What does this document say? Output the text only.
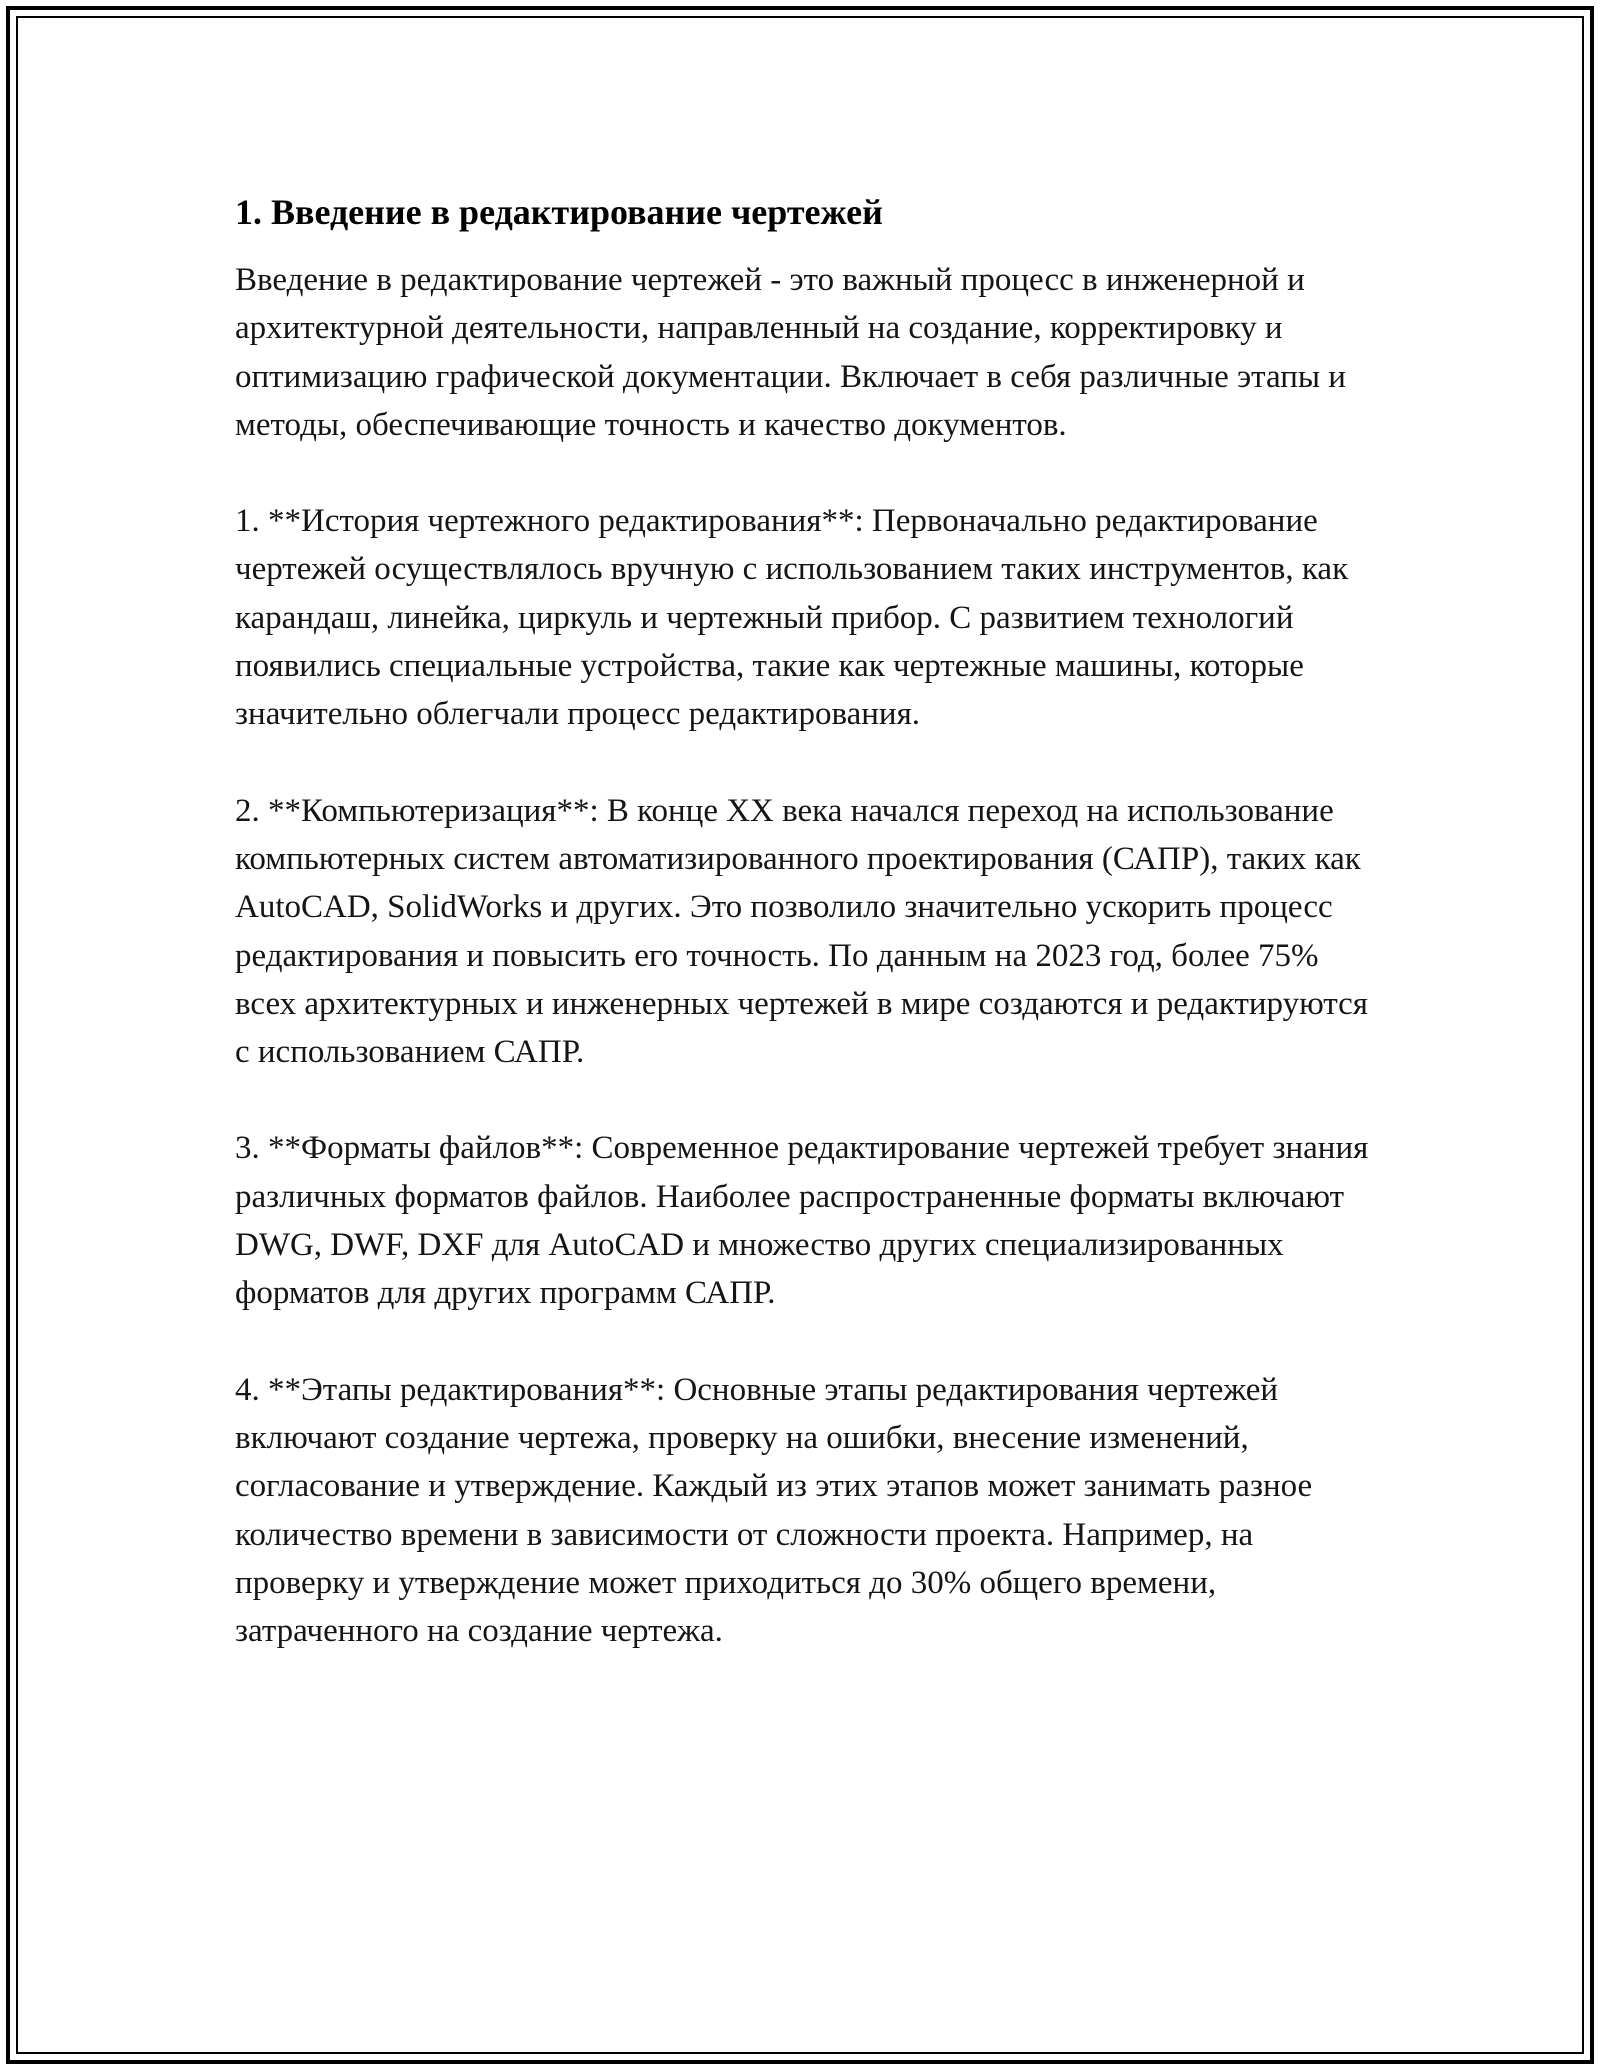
1. Введение в редактирование чертежей

Введение в редактирование чертежей - это важный процесс в инженерной и архитектурной деятельности, направленный на создание, корректировку и оптимизацию графической документации. Включает в себя различные этапы и методы, обеспечивающие точность и качество документов.

1. **История чертежного редактирования**: Первоначально редактирование чертежей осуществлялось вручную с использованием таких инструментов, как карандаш, линейка, циркуль и чертежный прибор. С развитием технологий появились специальные устройства, такие как чертежные машины, которые значительно облегчали процесс редактирования.

2. **Компьютеризация**: В конце XX века начался переход на использование компьютерных систем автоматизированного проектирования (САПР), таких как AutoCAD, SolidWorks и других. Это позволило значительно ускорить процесс редактирования и повысить его точность. По данным на 2023 год, более 75% всех архитектурных и инженерных чертежей в мире создаются и редактируются с использованием САПР.

3. **Форматы файлов**: Современное редактирование чертежей требует знания различных форматов файлов. Наиболее распространенные форматы включают DWG, DWF, DXF для AutoCAD и множество других специализированных форматов для других программ САПР.

4. **Этапы редактирования**: Основные этапы редактирования чертежей включают создание чертежа, проверку на ошибки, внесение изменений, согласование и утверждение. Каждый из этих этапов может занимать разное количество времени в зависимости от сложности проекта. Например, на проверку и утверждение может приходиться до 30% общего времени, затраченного на создание чертежа.
